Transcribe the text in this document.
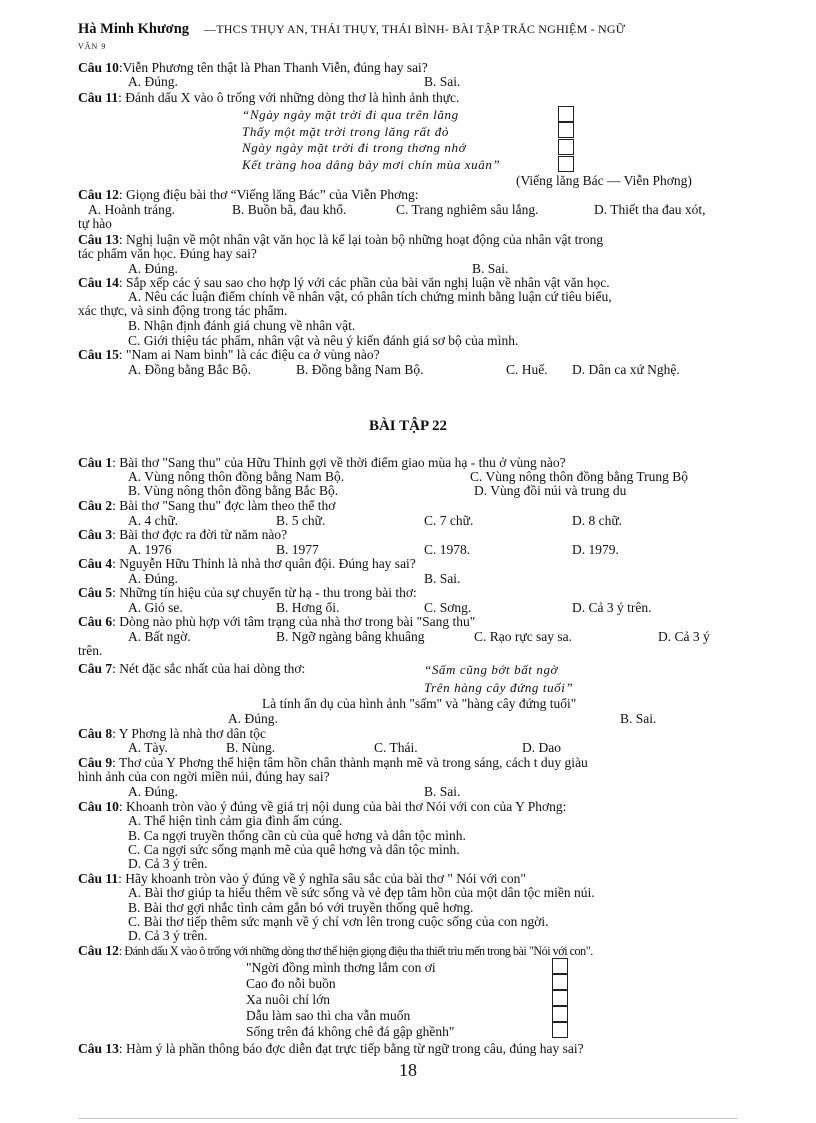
Hà Minh Khương —THCS THỤY AN, THÁI THỤY, THÁI BÌNH- BÀI TẬP TRẮC NGHIỆM - NGỮ
VĂN 9
Câu 10:Viễn Phương tên thật là Phan Thanh Viễn, đúng hay sai?
A. Đúng.	B. Sai.
Câu 11: Đánh dấu X vào ô trống với những dòng thơ là hình ảnh thực.
“Ngày ngày mặt trời đi qua trên lăng
Thấy một mặt trời trong lăng rất đỏ
Ngày ngày mặt trời đi trong thơng nhớ
Kết tràng hoa dâng bảy mơi chín mùa xuân”
(Viếng lăng Bác — Viễn Phơng)
Câu 12: Giọng điệu bài thơ “Viếng lăng Bác” của Viễn Phơng:
A. Hoành tráng.	B. Buồn bã, đau khổ.	C. Trang nghiêm sâu lắng.	D. Thiết tha đau xót,
tự hào
Câu 13: Nghị luận về một nhân vật văn học là kể lại toàn bộ những hoạt động của nhân vật trong
tác phẩm văn học. Đúng hay sai?
A. Đúng.	B. Sai.
Câu 14: Sắp xếp các ý sau sao cho hợp lý với các phần của bài văn nghị luận về nhân vật văn học.
A. Nêu các luận điểm chính về nhân vật, có phân tích chứng minh bằng luận cứ tiêu biểu,
xác thực, và sinh động trong tác phẩm.
B. Nhận định đánh giá chung về nhân vật.
C. Giới thiệu tác phẩm, nhân vật và nêu ý kiến đánh giá sơ bộ của mình.
Câu 15: "Nam ai Nam bình" là các điệu ca ở vùng nào?
A. Đồng bằng Bắc Bộ.	B. Đồng bằng Nam Bộ.	C. Huế. D. Dân ca xứ Nghệ.
BÀI TẬP 22
Câu 1: Bài thơ "Sang thu" của Hữu Thỉnh gợi về thời điểm giao mùa hạ - thu ở vùng nào?
A. Vùng nông thôn đồng bằng Nam Bộ.	C. Vùng nông thôn đồng bằng Trung Bộ
B. Vùng nông thôn đồng bằng Bắc Bộ.	D. Vùng đồi núi và trung du
Câu 2: Bài thơ "Sang thu" đợc làm theo thể thơ
A. 4 chữ.	B. 5 chữ.	C. 7 chữ.	D. 8 chữ.
Câu 3: Bài thơ đợc ra đời từ năm nào?
A. 1976	B. 1977	C. 1978.	D. 1979.
Câu 4: Nguyễn Hữu Thỉnh là nhà thơ quân đội. Đúng hay sai?
A. Đúng.	B. Sai.
Câu 5: Những tín hiệu của sự chuyển từ hạ - thu trong bài thơ:
A. Gió se.	B. Hơng ổi.	C. Sơng.	D. Cả 3 ý trên.
Câu 6: Dòng nào phù hợp với tâm trạng của nhà thơ trong bài "Sang thu"
A. Bất ngờ.	B. Ngỡ ngàng bâng khuâng	C. Rạo rực say sa.	D. Cả 3 ý
trên.
Câu 7: Nét đặc sắc nhất của hai dòng thơ:	“Sấm cũng bớt bất ngờ
Trên hàng cây đứng tuổi”
Là tính ẩn dụ của hình ảnh "sấm" và "hàng cây đứng tuổi"
A. Đúng.	B. Sai.
Câu 8: Y Phơng là nhà thơ dân tộc
A. Tày.	B. Nùng.	C. Thái.	D. Dao
Câu 9: Thơ của Y Phơng thể hiện tâm hồn chân thành mạnh mẽ và trong sáng, cách t duy giàu
hình ảnh của con ngời miền núi, đúng hay sai?
A. Đúng.	B. Sai.
Câu 10: Khoanh tròn vào ý đúng về giá trị nội dung của bài thơ Nói với con của Y Phơng:
A. Thể hiện tình cảm gia đình ấm cúng.
B. Ca ngợi truyền thống cần cù của quê hơng và dân tộc mình.
C. Ca ngợi sức sống mạnh mẽ của quê hơng và dân tộc mình.
D. Cả 3 ý trên.
Câu 11: Hãy khoanh tròn vào ý đúng về ý nghĩa sâu sắc của bài thơ " Nói với con"
A. Bài thơ giúp ta hiểu thêm về sức sống và vẻ đẹp tâm hồn của một dân tộc miền núi.
B. Bài thơ gợi nhắc tình cảm gắn bó với truyền thống quê hơng.
C. Bài thơ tiếp thêm sức mạnh về ý chí vơn lên trong cuộc sống của con ngời.
D. Cả 3 ý trên.
Câu 12: Đánh dấu X vào ô trống với những dòng thơ thể hiện giọng điệu tha thiết trìu mến trong bài "Nói với con".
"Ngời đồng mình thơng lắm con ơi
Cao đo nỗi buồn
Xa nuôi chí lớn
Dẫu làm sao thì cha vẫn muốn
Sống trên đá không chê đá gập ghềnh"
Câu 13: Hàm ý là phần thông báo đợc diễn đạt trực tiếp bằng từ ngữ trong câu, đúng hay sai?
18
